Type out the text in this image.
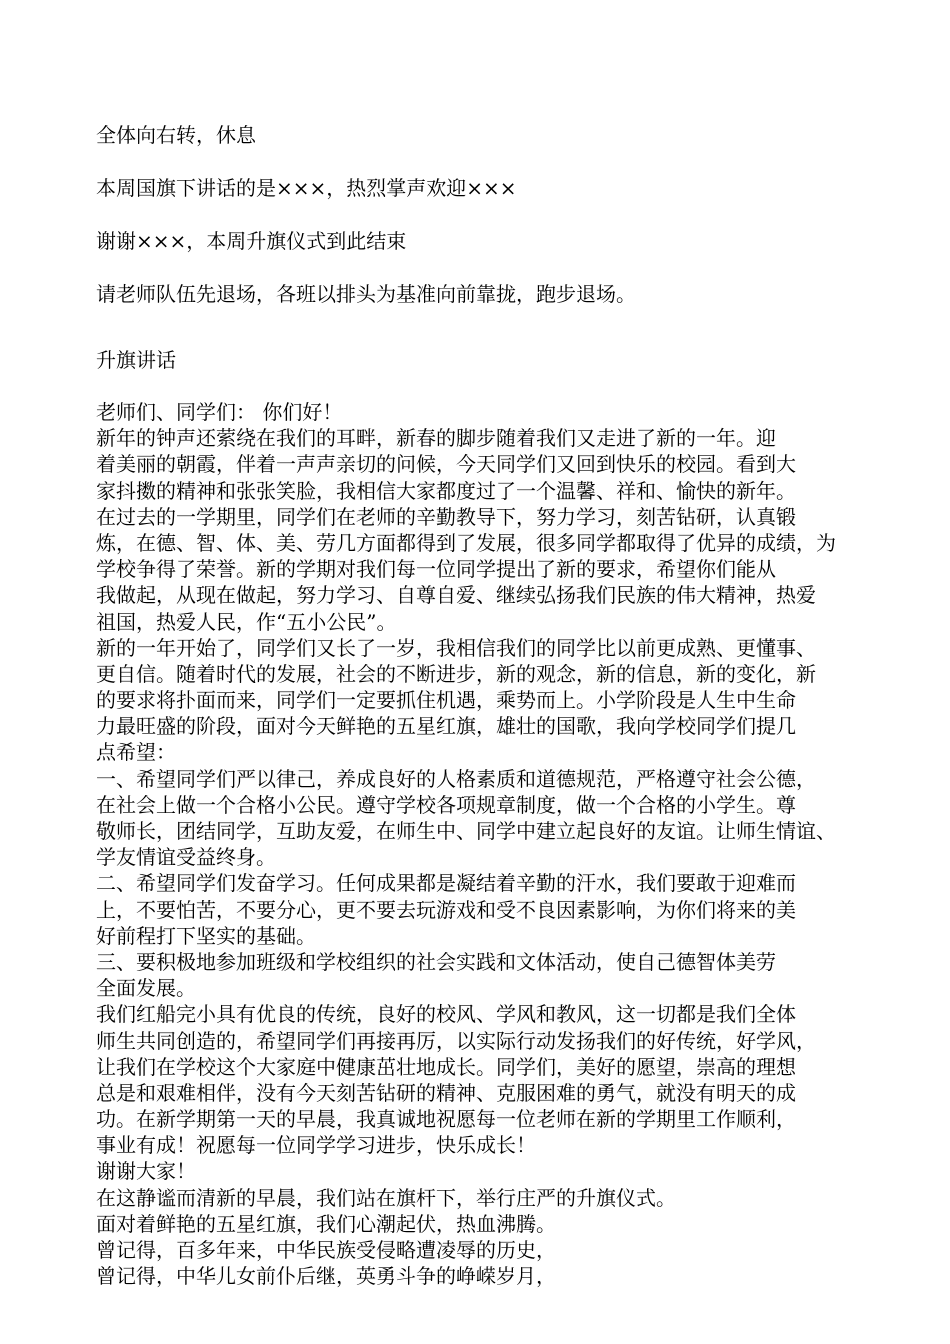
全体向右转，休息
本周国旗下讲话的是×××，热烈掌声欢迎×××
谢谢×××，本周升旗仪式到此结束
请老师队伍先退场，各班以排头为基准向前靠拢，跑步退场。
升旗讲话
老师们、同学们： 你们好！
新年的钟声还萦绕在我们的耳畔，新春的脚步随着我们又走进了新的一年。迎
着美丽的朝霞，伴着一声声亲切的问候，今天同学们又回到快乐的校园。看到大
家抖擞的精神和张张笑脸，我相信大家都度过了一个温馨、祥和、愉快的新年。
在过去的一学期里，同学们在老师的辛勤教导下，努力学习，刻苦钻研，认真锻
炼，在德、智、体、美、劳几方面都得到了发展，很多同学都取得了优异的成绩，为
学校争得了荣誉。新的学期对我们每一位同学提出了新的要求，希望你们能从
我做起，从现在做起，努力学习、自尊自爱、继续弘扬我们民族的伟大精神，热爱
祖国，热爱人民，作“五小公民”。
新的一年开始了，同学们又长了一岁，我相信我们的同学比以前更成熟、更懂事、
更自信。随着时代的发展，社会的不断进步，新的观念，新的信息，新的变化，新
的要求将扑面而来，同学们一定要抓住机遇，乘势而上。小学阶段是人生中生命
力最旺盛的阶段，面对今天鲜艳的五星红旗，雄壮的国歌，我向学校同学们提几
点希望：
一、希望同学们严以律己，养成良好的人格素质和道德规范，严格遵守社会公德，
在社会上做一个合格小公民。遵守学校各项规章制度，做一个合格的小学生。尊
敬师长，团结同学，互助友爱，在师生中、同学中建立起良好的友谊。让师生情谊、
学友情谊受益终身。
二、希望同学们发奋学习。任何成果都是凝结着辛勤的汗水，我们要敢于迎难而
上，不要怕苦，不要分心，更不要去玩游戏和受不良因素影响，为你们将来的美
好前程打下坚实的基础。
三、要积极地参加班级和学校组织的社会实践和文体活动，使自己德智体美劳
全面发展。
我们红船完小具有优良的传统，良好的校风、学风和教风，这一切都是我们全体
师生共同创造的，希望同学们再接再厉，以实际行动发扬我们的好传统，好学风，
让我们在学校这个大家庭中健康茁壮地成长。同学们，美好的愿望，崇高的理想
总是和艰难相伴，没有今天刻苦钻研的精神、克服困难的勇气，就没有明天的成
功。在新学期第一天的早晨，我真诚地祝愿每一位老师在新的学期里工作顺利，
事业有成！祝愿每一位同学学习进步，快乐成长！
谢谢大家！
在这静谧而清新的早晨，我们站在旗杆下，举行庄严的升旗仪式。
面对着鲜艳的五星红旗，我们心潮起伏，热血沸腾。
曾记得，百多年来，中华民族受侵略遭凌辱的历史，
曾记得，中华儿女前仆后继，英勇斗争的峥嵘岁月，
